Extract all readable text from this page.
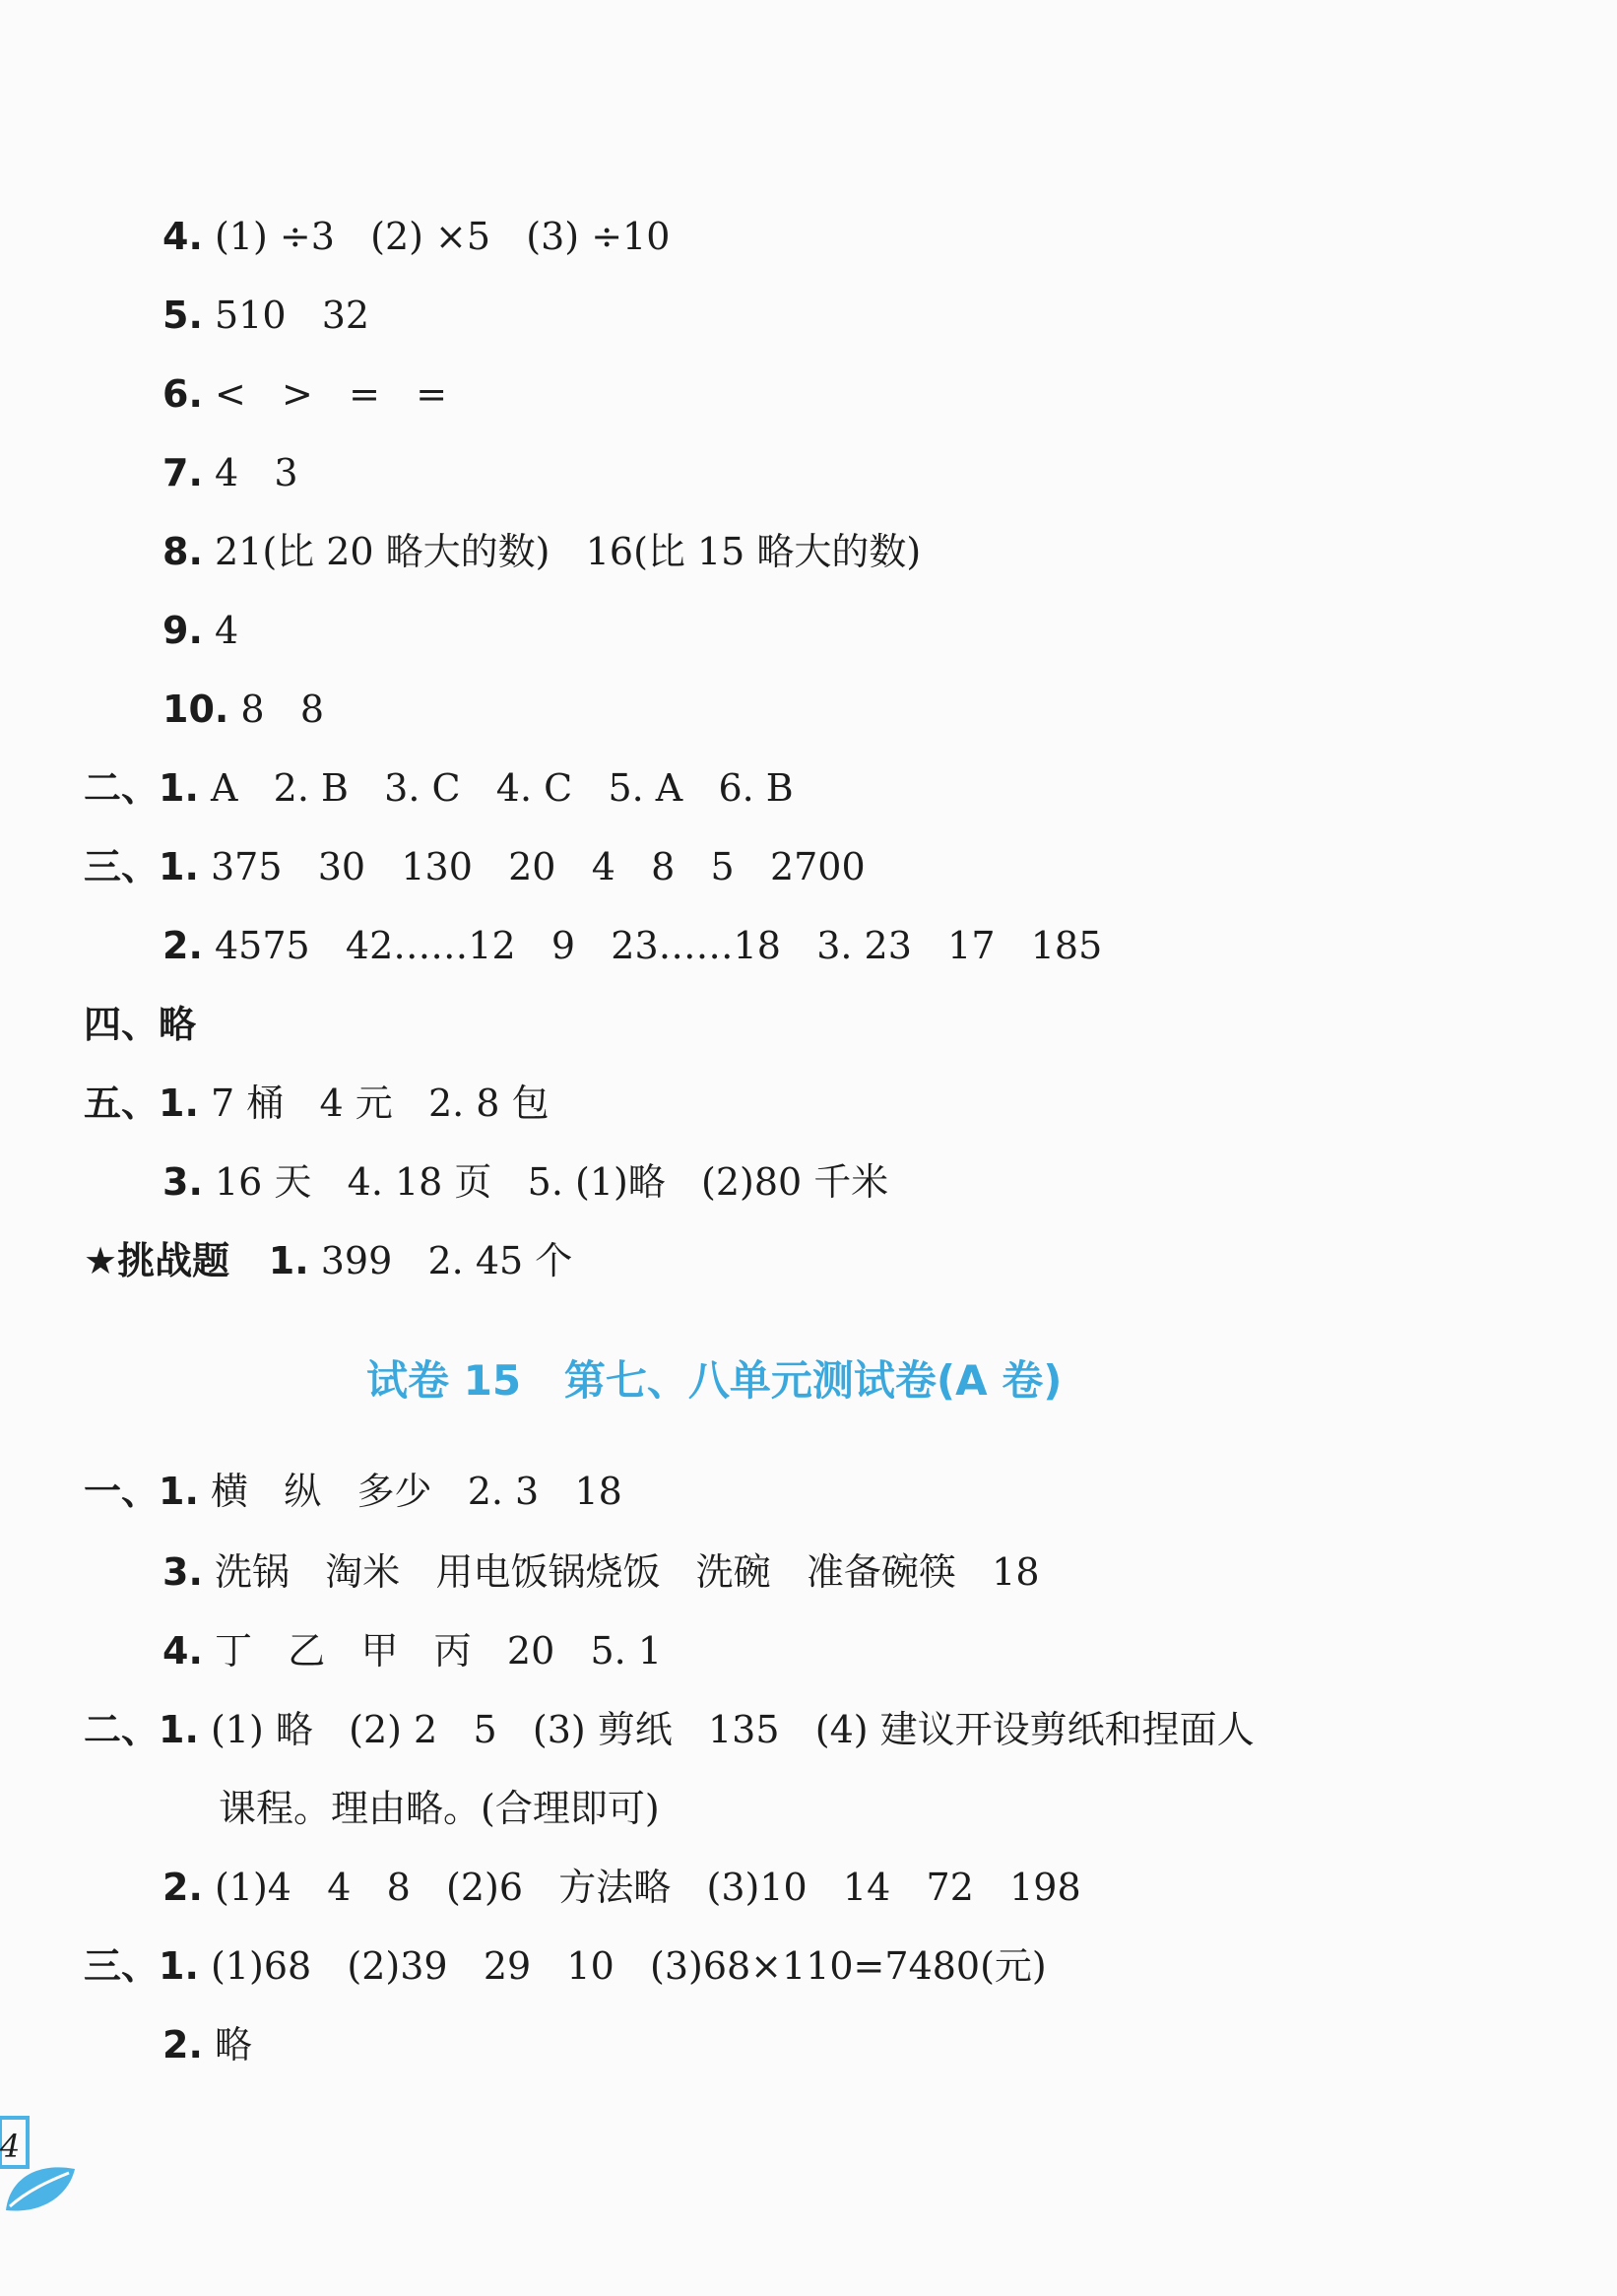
4. (1) ÷3   (2) ×5   (3) ÷10
5. 510   32
6. <   >   =   =
7. 4   3
8. 21(比 20 略大的数)   16(比 15 略大的数)
9. 4
10. 8   8
二、1. A   2. B   3. C   4. C   5. A   6. B
三、1. 375   30   130   20   4   8   5   2700
2. 4575   42……12   9   23……18   3. 23   17   185
四、略
五、1. 7 桶   4 元   2. 8 包
3. 16 天   4. 18 页   5. (1)略   (2)80 千米
★挑战题   1. 399   2. 45 个
试卷 15   第七、八单元测试卷(A 卷)
一、1. 横   纵   多少   2. 3   18
3. 洗锅   淘米   用电饭锅烧饭   洗碗   准备碗筷   18
4. 丁   乙   甲   丙   20   5. 1
二、1. (1) 略   (2) 2   5   (3) 剪纸   135   (4) 建议开设剪纸和捏面人
课程。理由略。(合理即可)
2. (1)4   4   8   (2)6   方法略   (3)10   14   72   198
三、1. (1)68   (2)39   29   10   (3)68×110=7480(元)
2. 略
4
